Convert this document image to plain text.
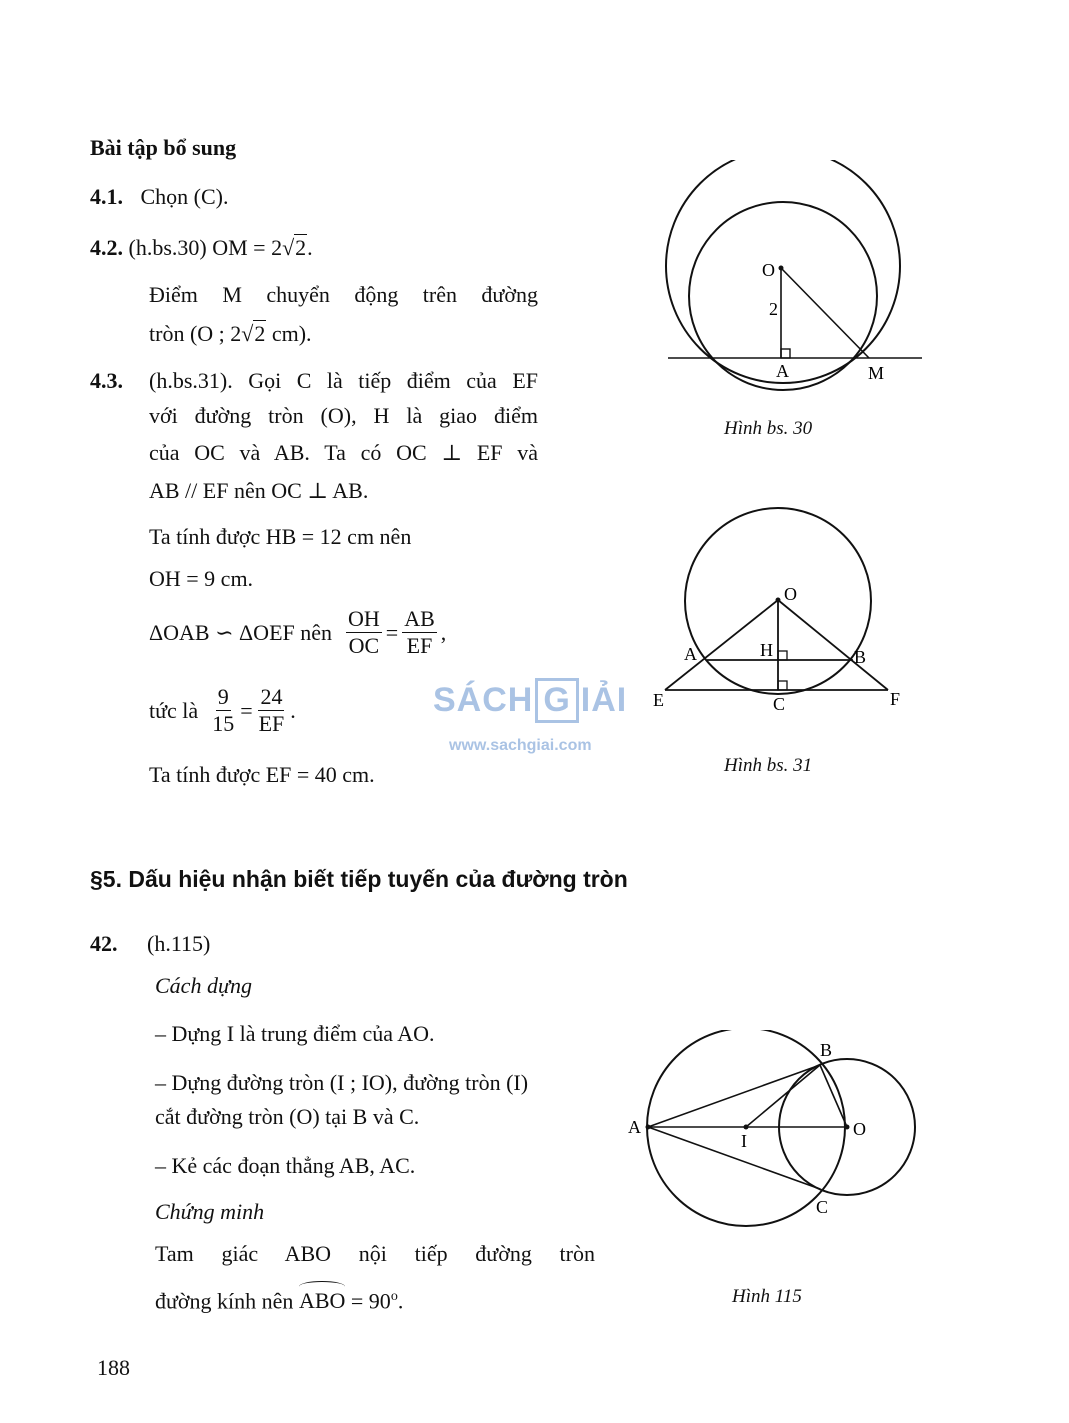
Bài tập bổ sung
4.1. Chọn (C).
4.2. (h.bs.30) OM = 2√2.
Điểm M chuyển động trên đường
tròn (O ; 2√2 cm).
4.3. (h.bs.31). Gọi C là tiếp điểm của EF
với đường tròn (O), H là giao điểm
của OC và AB. Ta có OC ⊥ EF và
AB // EF nên OC ⊥ AB.
Ta tính được HB = 12 cm nên
OH = 9 cm.
ΔOAB ∽ ΔOEF nên $\frac{OH}{OC} = \frac{AB}{EF}$ ,
tức là $\frac{9}{15} = \frac{24}{EF}$ .
Ta tính được EF = 40 cm.
SÁCH G IẢI
www.sachgiai.com
O
2
A	M
Hình bs. 30
O
H
A	B
E	F
C
Hình bs. 31
§5. Dấu hiệu nhận biết tiếp tuyến của đường tròn
42. (h.115)
Cách dựng
– Dựng I là trung điểm của AO.
– Dựng đường tròn (I ; IO), đường tròn (I)
cắt đường tròn (O) tại B và C.
– Kẻ các đoạn thẳng AB, AC.
Chứng minh
Tam giác ABO nội tiếp đường tròn
đường kính nên ABO = $90^o$.
A
B
I
O
C
Hình 115
188
